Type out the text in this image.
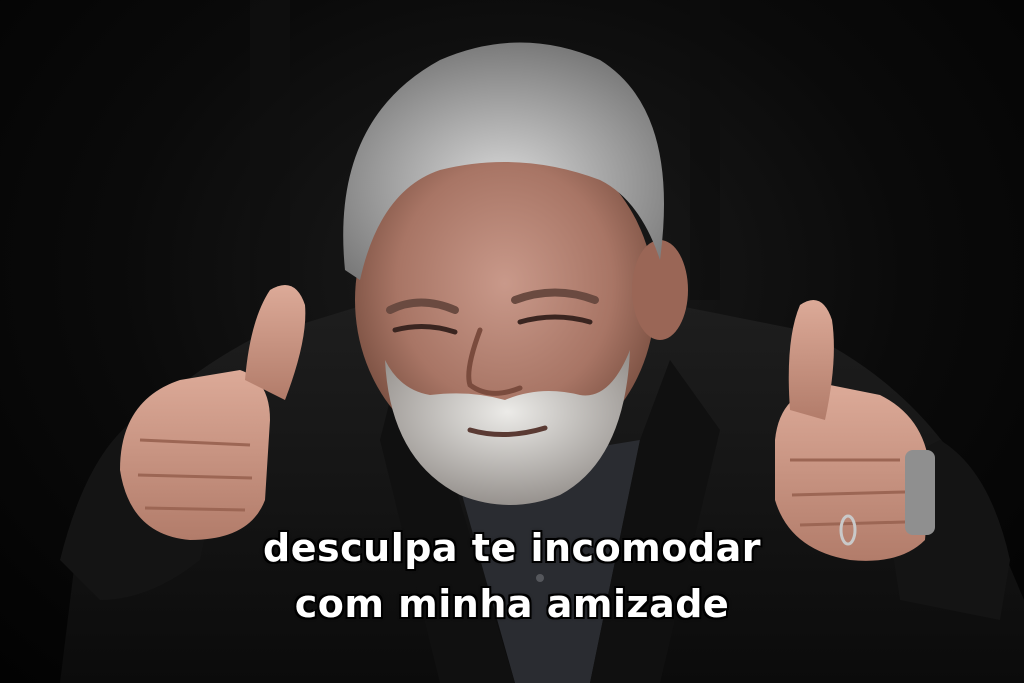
desculpa te incomodar
com minha amizade
